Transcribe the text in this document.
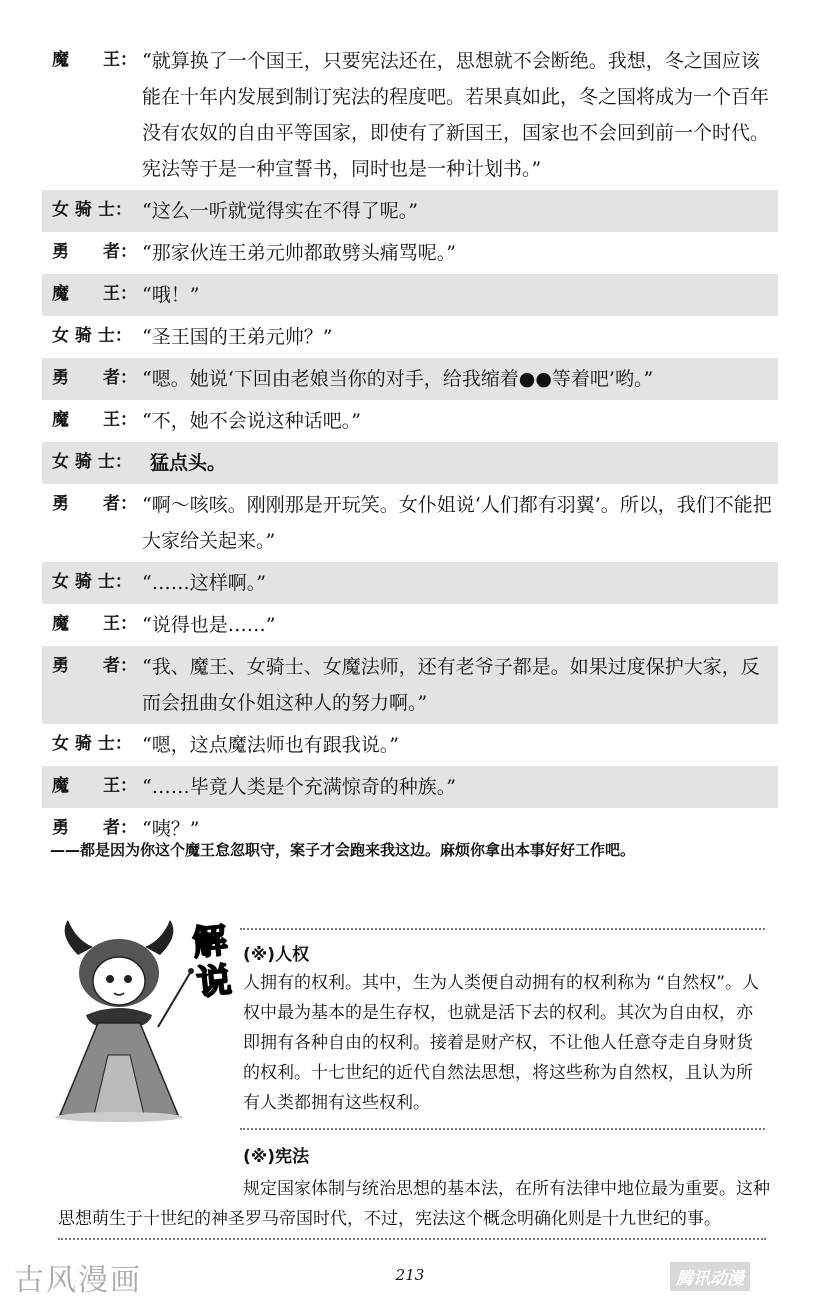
魔　　王： “就算换了一个国王，只要宪法还在，思想就不会断绝。我想，冬之国应该能在十年内发展到制订宪法的程度吧。若果真如此，冬之国将成为一个百年没有农奴的自由平等国家，即使有了新国王，国家也不会回到前一个时代。宪法等于是一种宣誓书，同时也是一种计划书。”
女 骑 士： “这么一听就觉得实在不得了呢。”
勇　　者： “那家伙连王弟元帅都敢劈头痛骂呢。”
魔　　王： “哦！”
女 骑 士： “圣王国的王弟元帅？”
勇　　者： “嗯。她说‘下回由老娘当你的对手，给我缩着●●等着吧’哟。”
魔　　王： “不，她不会说这种话吧。”
女 骑 士： 猛点头。
勇　　者： “啊～咳咳。刚刚那是开玩笑。女仆姐说‘人们都有羽翼’。所以，我们不能把大家给关起来。”
女 骑 士： “……这样啊。”
魔　　王： “说得也是……”
勇　　者： “我、魔王、女骑士、女魔法师，还有老爷子都是。如果过度保护大家，反而会扭曲女仆姐这种人的努力啊。”
女 骑 士： “嗯，这点魔法师也有跟我说。”
魔　　王： “……毕竟人类是个充满惊奇的种族。”
勇　　者： “咦？”
——都是因为你这个魔王怠忽职守，案子才会跑来我这边。麻烦你拿出本事好好工作吧。
解说
(※)人权
人拥有的权利。其中，生为人类便自动拥有的权利称为 “自然权”。人权中最为基本的是生存权，也就是活下去的权利。其次为自由权，亦即拥有各种自由的权利。接着是财产权，不让他人任意夺走自身财货的权利。十七世纪的近代自然法思想，将这些称为自然权，且认为所有人类都拥有这些权利。
(※)宪法
规定国家体制与统治思想的基本法，在所有法律中地位最为重要。这种思想萌生于十世纪的神圣罗马帝国时代，不过，宪法这个概念明确化则是十九世纪的事。
古风漫画	213	腾讯动漫
